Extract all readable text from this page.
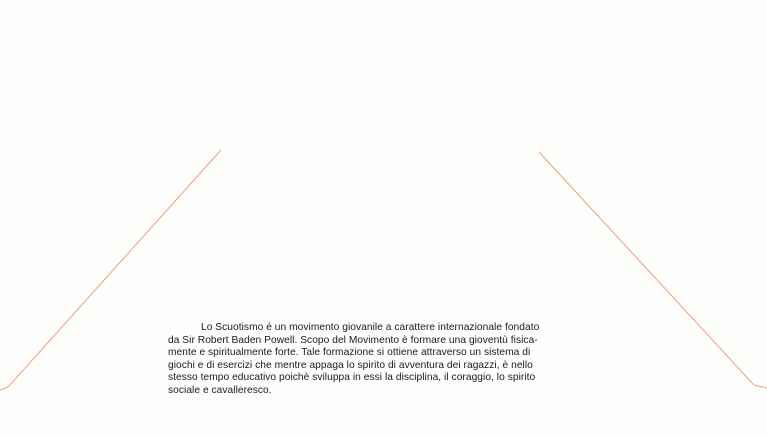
Lo Scuotismo é un movimento giovanile a carattere internazionale fondato
da Sir Robert Baden Powell. Scopo del Movimento è formare una gioventù fisica-
mente e spiritualmente forte. Tale formazione si ottiene attraverso un sistema di
giochi e di esercizi che mentre appaga lo spirito di avventura dei ragazzi, è nello
stesso tempo educativo poichè sviluppa in essi la disciplina, il coraggio, lo spirito
sociale e cavalleresco.
